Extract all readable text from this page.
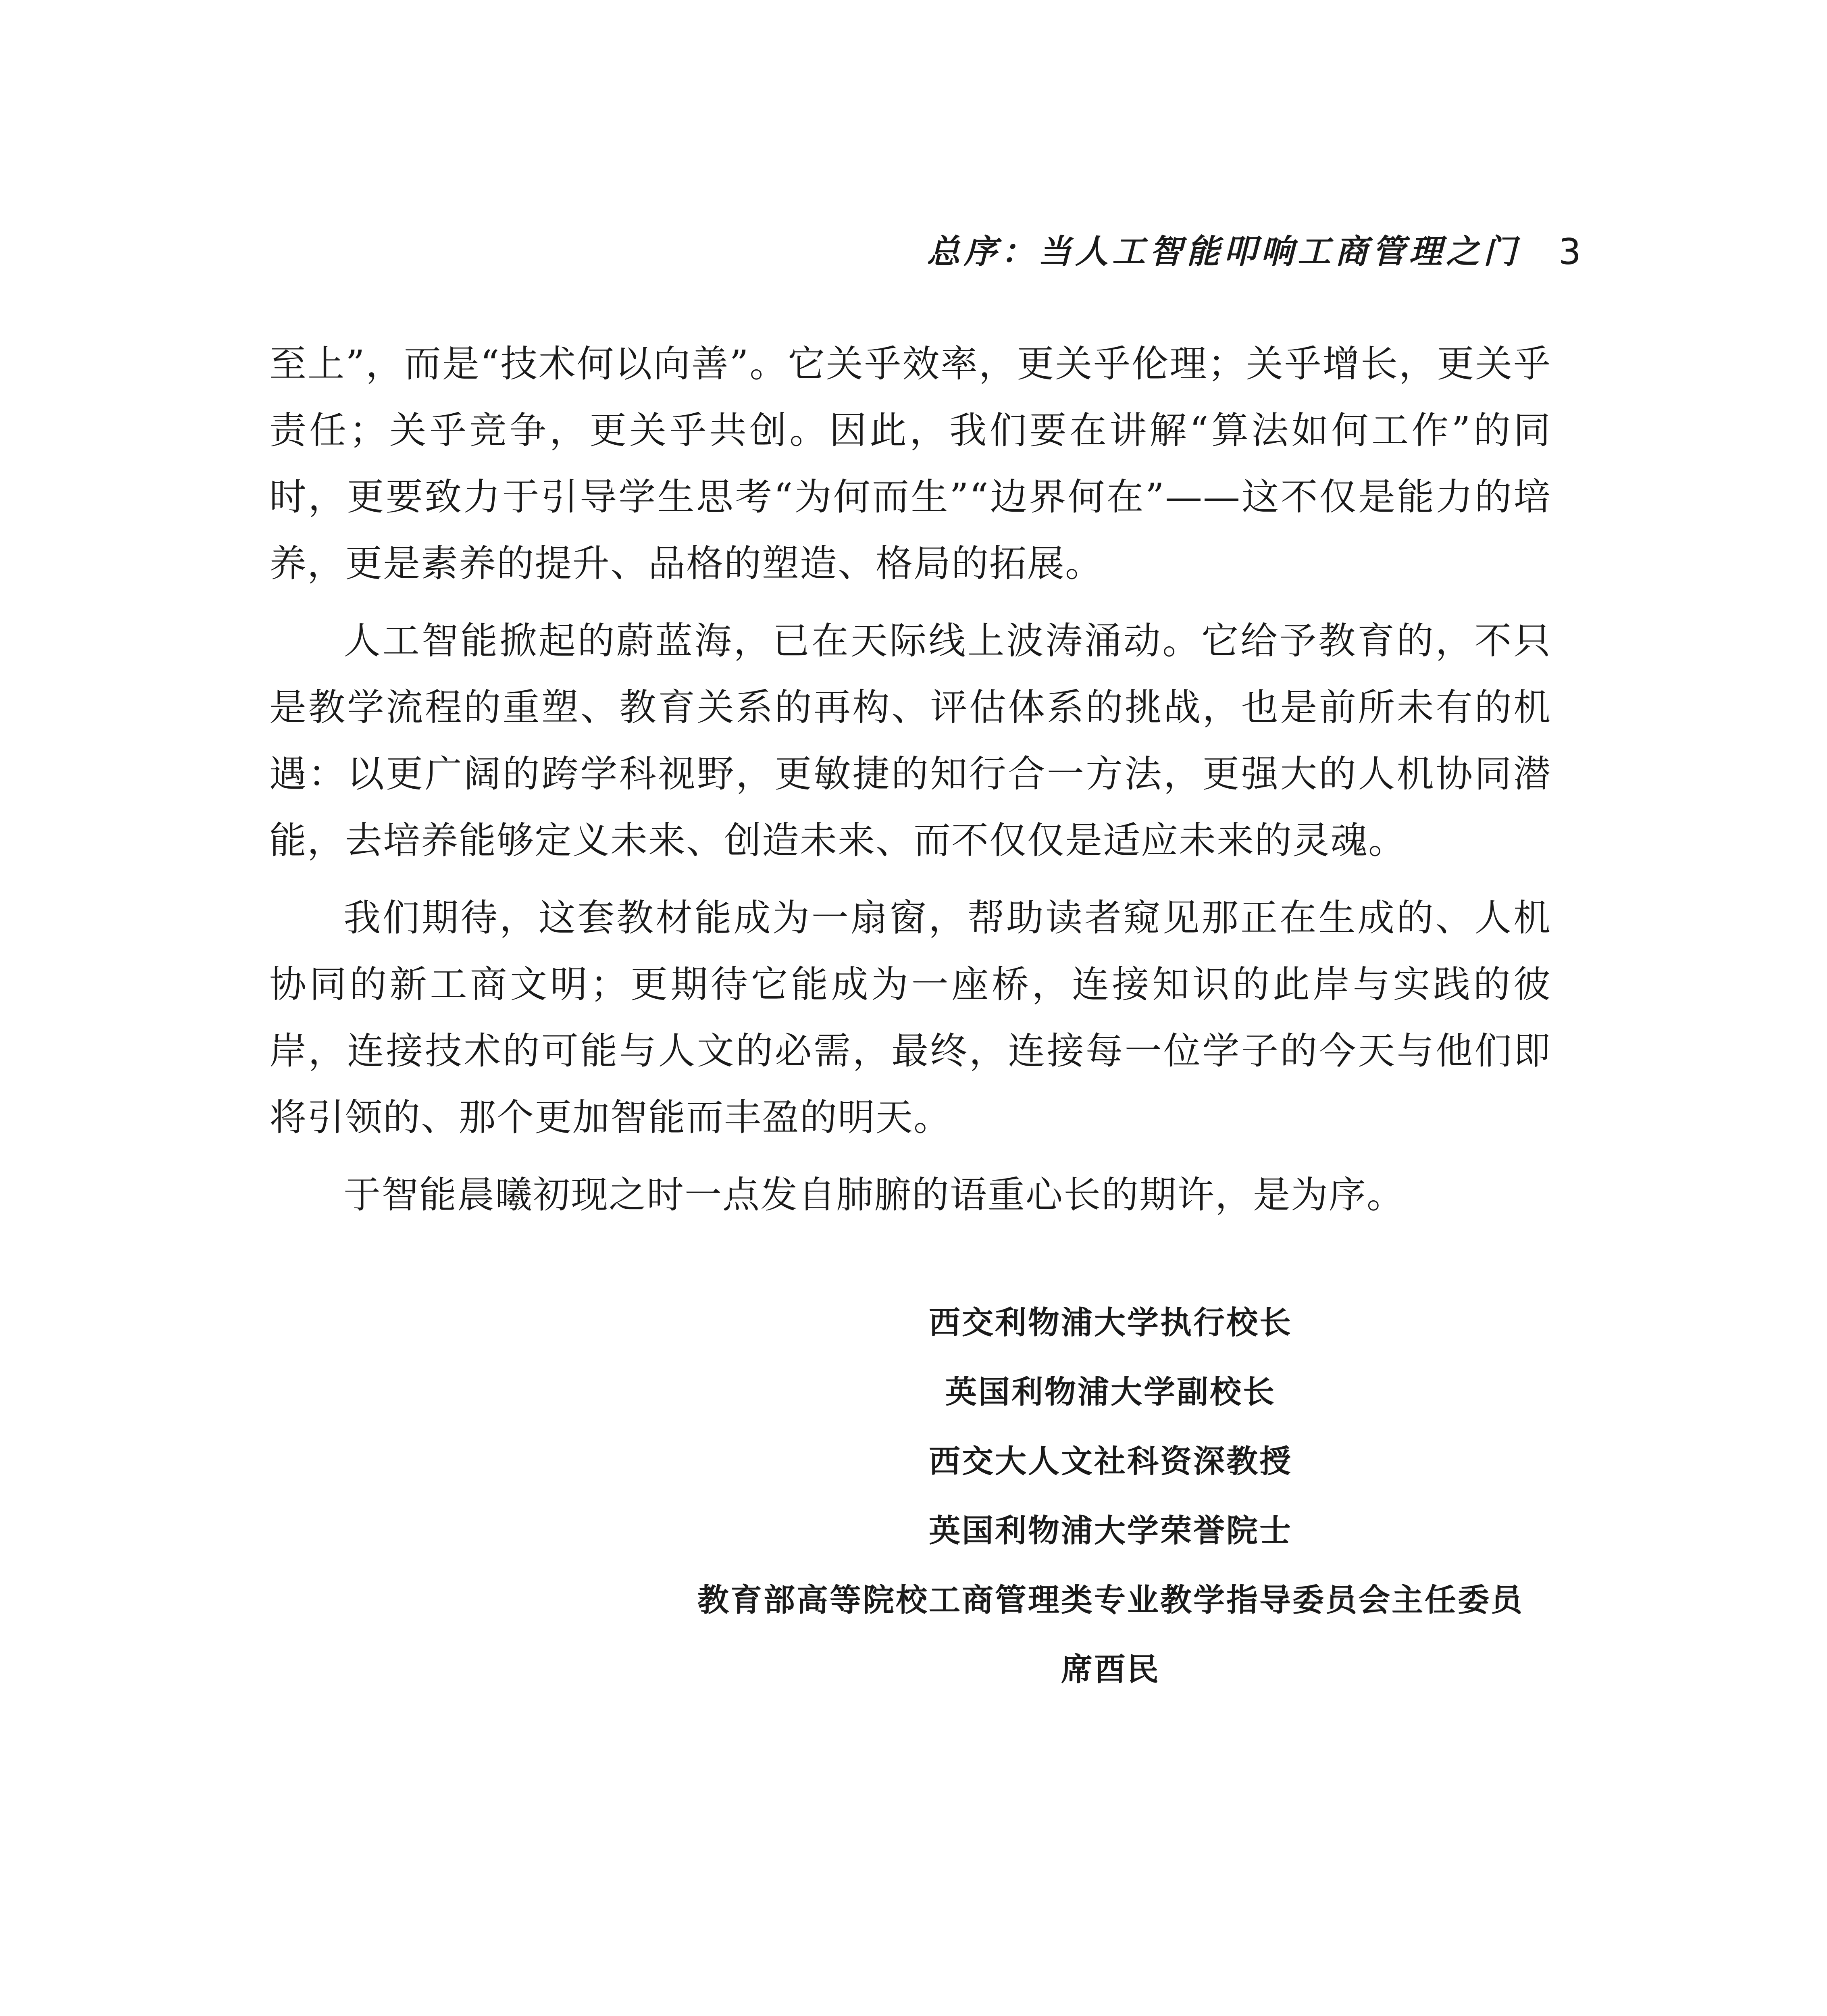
总序：当人工智能叩响工商管理之门 3

至上”，而是“技术何以向善”。它关乎效率，更关乎伦理；关乎增长，更关乎责任；关乎竞争，更关乎共创。因此，我们要在讲解“算法如何工作”的同时，更要致力于引导学生思考“为何而生”“边界何在”——这不仅是能力的培养，更是素养的提升、品格的塑造、格局的拓展。

人工智能掀起的蔚蓝海，已在天际线上波涛涌动。它给予教育的，不只是教学流程的重塑、教育关系的再构、评估体系的挑战，也是前所未有的机遇：以更广阔的跨学科视野，更敏捷的知行合一方法，更强大的人机协同潜能，去培养能够定义未来、创造未来、而不仅仅是适应未来的灵魂。

我们期待，这套教材能成为一扇窗，帮助读者窥见那正在生成的、人机协同的新工商文明；更期待它能成为一座桥，连接知识的此岸与实践的彼岸，连接技术的可能与人文的必需，最终，连接每一位学子的今天与他们即将引领的、那个更加智能而丰盈的明天。

于智能晨曦初现之时一点发自肺腑的语重心长的期许，是为序。

西交利物浦大学执行校长
英国利物浦大学副校长
西交大人文社科资深教授
英国利物浦大学荣誉院士
教育部高等院校工商管理类专业教学指导委员会主任委员
席酉民
